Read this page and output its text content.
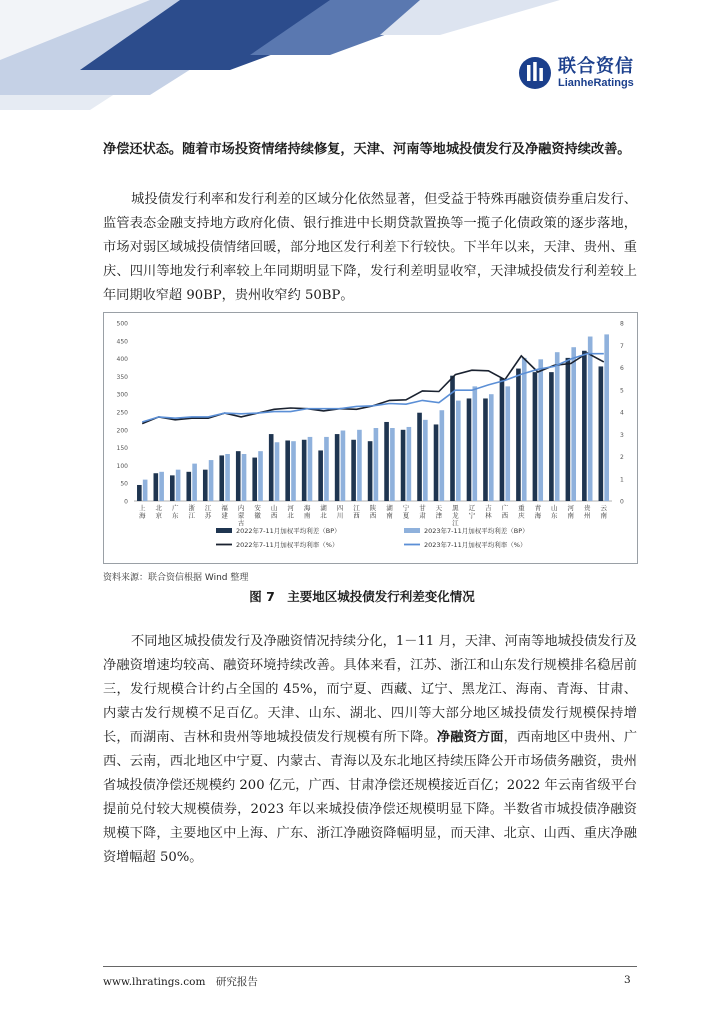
联合资信
LianheRatings
净偿还状态。随着市场投资情绪持续修复，天津、河南等地城投债发行及净融资持续改善。
城投债发行利率和发行利差的区域分化依然显著，但受益于特殊再融资债券重启发行、监管表态金融支持地方政府化债、银行推进中长期贷款置换等一揽子化债政策的逐步落地，市场对弱区域城投债情绪回暖，部分地区发行利差下行较快。下半年以来，天津、贵州、重庆、四川等地发行利率较上年同期明显下降，发行利差明显收窄，天津城投债发行利差较上年同期收窄超 90BP，贵州收窄约 50BP。
0
50
100
150
200
250
300
350
400
450
500
0
1
2
3
4
5
6
7
8
上
海
北
京
广
东
浙
江
江
苏
福
建
内
蒙
古
安
徽
山
西
河
北
海
南
湖
北
四
川
江
西
陕
西
湖
南
宁
夏
甘
肃
天
津
黑
龙
江
辽
宁
吉
林
广
西
重
庆
青
海
山
东
河
南
贵
州
云
南
2022年7-11月加权平均利差（BP）	2023年7-11月加权平均利差（BP）
2022年7-11月加权平均利率（%）	2023年7-11月加权平均利率（%）
资料来源：联合资信根据 Wind 整理
图 7　主要地区城投债发行利差变化情况
不同地区城投债发行及净融资情况持续分化，1－11 月，天津、河南等地城投债发行及净融资增速均较高、融资环境持续改善。具体来看，江苏、浙江和山东发行规模排名稳居前三，发行规模合计约占全国的 45%，而宁夏、西藏、辽宁、黑龙江、海南、青海、甘肃、内蒙古发行规模不足百亿。天津、山东、湖北、四川等大部分地区城投债发行规模保持增长，而湖南、吉林和贵州等地城投债发行规模有所下降。净融资方面，西南地区中贵州、广西、云南，西北地区中宁夏、内蒙古、青海以及东北地区持续压降公开市场债务融资，贵州省城投债净偿还规模约 200 亿元，广西、甘肃净偿还规模接近百亿；2022 年云南省级平台提前兑付较大规模债券，2023 年以来城投债净偿还规模明显下降。半数省市城投债净融资规模下降，主要地区中上海、广东、浙江净融资降幅明显，而天津、北京、山西、重庆净融资增幅超 50%。
www.lhratings.com　研究报告	3
